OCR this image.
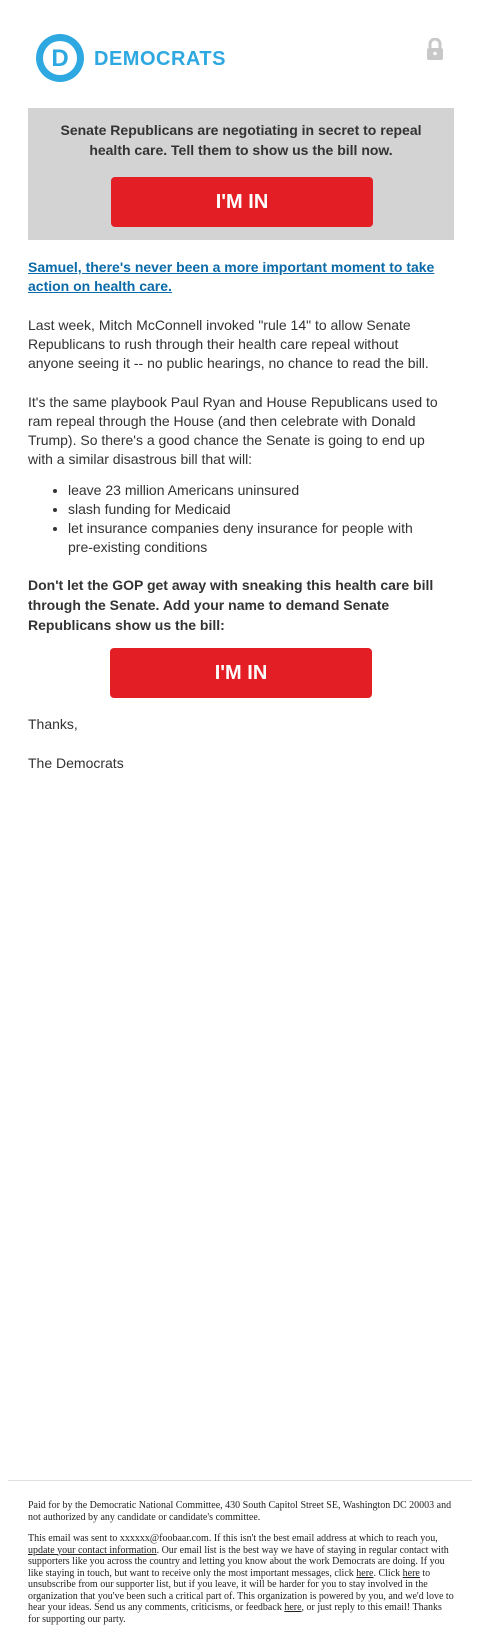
D DEMOCRATS
Senate Republicans are negotiating in secret to repeal health care. Tell them to show us the bill now.
I'M IN

Samuel, there's never been a more important moment to take action on health care.

Last week, Mitch McConnell invoked "rule 14" to allow Senate Republicans to rush through their health care repeal without anyone seeing it -- no public hearings, no chance to read the bill.

It's the same playbook Paul Ryan and House Republicans used to ram repeal through the House (and then celebrate with Donald Trump). So there's a good chance the Senate is going to end up with a similar disastrous bill that will:

• leave 23 million Americans uninsured
• slash funding for Medicaid
• let insurance companies deny insurance for people with pre-existing conditions

Don't let the GOP get away with sneaking this health care bill through the Senate. Add your name to demand Senate Republicans show us the bill:

I'M IN
Thanks,
The Democrats

Paid for by the Democratic National Committee, 430 South Capitol Street SE, Washington DC 20003 and not authorized by any candidate or candidate's committee.

This email was sent to xxxxxx@foobaar.com. If this isn't the best email address at which to reach you, update your contact information. Our email list is the best way we have of staying in regular contact with supporters like you across the country and letting you know about the work Democrats are doing. If you like staying in touch, but want to receive only the most important messages, click here. Click here to unsubscribe from our supporter list, but if you leave, it will be harder for you to stay involved in the organization that you've been such a critical part of. This organization is powered by you, and we'd love to hear your ideas. Send us any comments, criticisms, or feedback here, or just reply to this email! Thanks for supporting our party.
